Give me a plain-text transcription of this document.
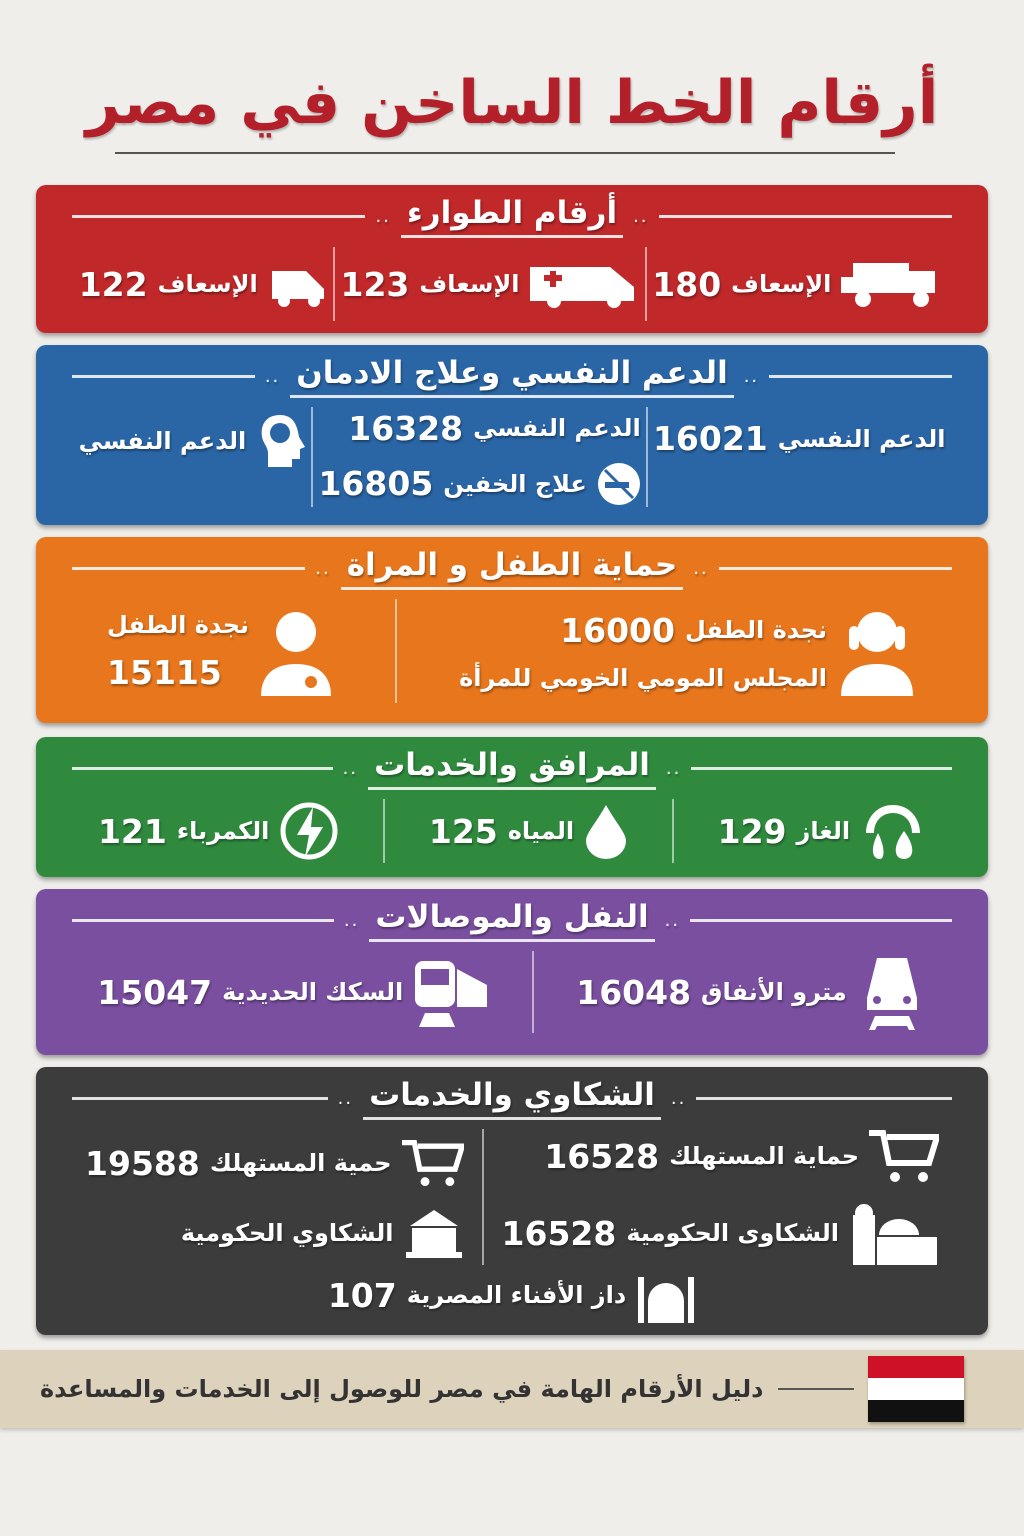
أرقام الخط الساخن في مصر
..
أرقام الطوارء
..
الإسعاف
180
الإسعاف
123
الإسعاف
122
..
الدعم النفسي وعلاج الادمان
..
الدعم النفسي
16021
الدعم النفسي
16328
علاج الخفين
16805
الدعم النفسي
..
حماية الطفل و المراة
..
نجدة الطفل
16000
المجلس المومي الخومي للمرأة
نجدة الطفل
15115
..
المرافق والخدمات
..
الغاز
129
المياه
125
الكمرباء
121
..
النفل والموصالات
..
مترو الأنفاق
16048
السكك الحديدية
15047
..
الشكاوي والخدمات
..
حماية المستهلك
16528
الشكاوى الحكومية
16528
حمية المستهلك
19588
الشكاوي الحكومية
داز الأفناء المصرية
107
دليل الأرقام الهامة في مصر للوصول إلى الخدمات والمساعدة
